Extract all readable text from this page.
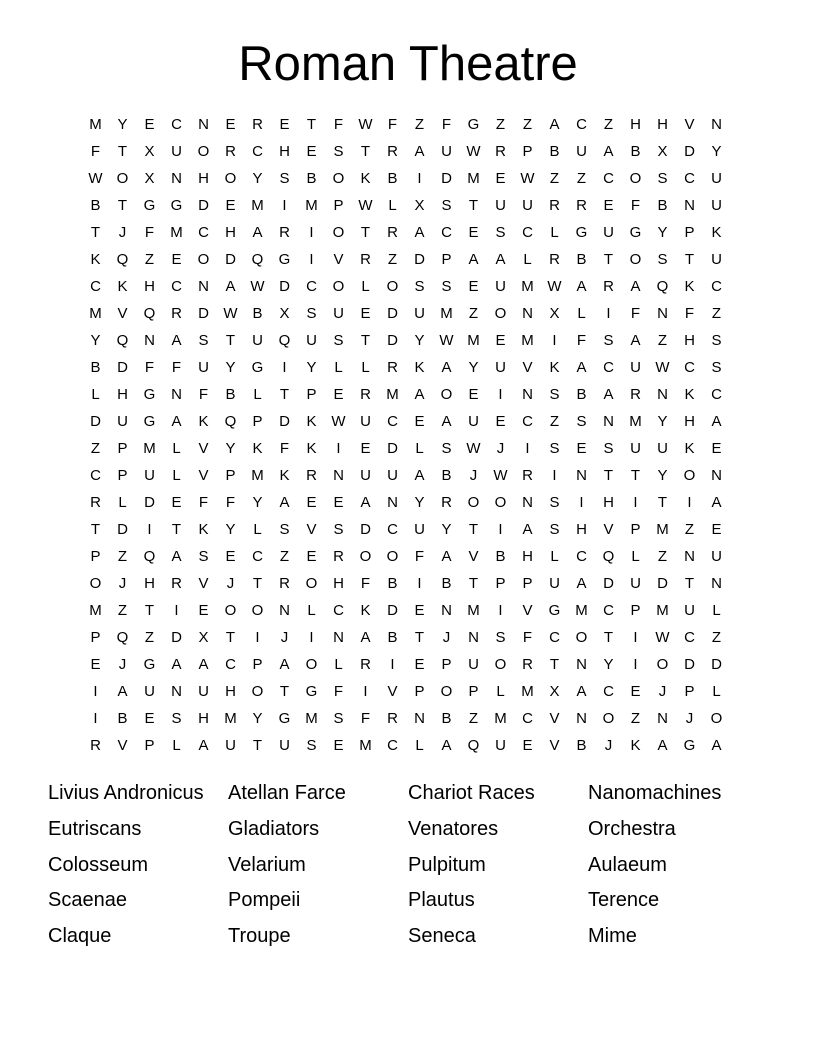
Roman Theatre
M	Y	E	C	N	E	R	E	T	F	W	F	Z	F	G	Z	Z	A	C	Z	H	H	V	N
F	T	X	U	O	R	C	H	E	S	T	R	A	U W R	P	B	U	A	B	X	D	Y
W O	X	N	H	O	Y	S	B	O	K	B	I	D	M	E W	Z	Z	C	O	S	C	U
B	T	G	G	D	E	M	I	M	P W	L	X	S	T	U	U	R	R	E	F	B	N	U
T	J	F	M	C	H	A	R	I	O	T	R	A	C	E	S	C	L	G	U	G	Y	P	K
K	Q	Z	E	O	D	Q	G	I	V	R	Z	D	P	A	A	L	R	B	T	O	S	T	U
C	K	H	C	N	A W D	C	O	L	O	S	S	E	U	M W A	R	A	Q	K	C
M	V	Q	R	D W B	X	S	U	E	D	U	M	Z	O	N	X	L	I	F	N	F	Z
Y	Q	N	A	S	T	U	Q	U	S	T	D	Y W M	E	M	I	F	S	A	Z	H	S
B	D	F	F	U	Y	G	I	Y	L	L	R	K	A	Y	U	V	K	A	C	U W C	S
L	H	G	N	F	B	L	T	P	E	R	M	A	O	E	I	N	S	B	A	R	N	K	C
D	U	G	A	K	Q	P	D	K W U	C	E	A	U	E	C	Z	S	N	M	Y	H	A
Z	P	M	L	V	Y	K	F	K	I	E	D	L	S W	J	I	S	E	S	U	U	K	E
C	P	U	L	V	P	M	K	R	N	U	U	A	B	J	W R	I	N	T	T	Y	O	N
R	L	D	E	F	F	Y	A	E	E	A	N	Y	R	O	O	N	S	I	H	I	T	I	A
T	D	I	T	K	Y	L	S	V	S	D	C	U	Y	T	I	A	S	H	V	P	M	Z	E
P	Z	Q	A	S	E	C	Z	E	R	O	O	F	A	V	B	H	L	C	Q	L	Z	N	U
O	J	H	R	V	J	T	R	O	H	F	B	I	B	T	P	P	U	A	D	U	D	T	N
M	Z	T	I	E	O	O	N	L	C	K	D	E	N	M	I	V	G M	C	P	M	U	L
P	Q	Z	D	X	T	I	J	I	N	A	B	T	J	N	S	F	C	O	T	I	W C	Z
E	J	G	A	A	C	P	A	O	L	R	I	E	P	U	O	R	T	N	Y	I	O	D	D
I	A	U	N	U	H	O	T	G	F	I	V	P	O	P	L	M	X	A	C	E	J	P	L
I	B	E	S	H	M	Y	G M	S	F	R	N	B	Z	M	C	V	N	O	Z	N	J	O
R	V	P	L	A	U	T	U	S	E	M	C	L	A	Q	U	E	V	B	J	K	A	G	A
Livius Andronicus	Atellan Farce	Chariot Races	Nanomachines
Eutriscans	Gladiators	Venatores	Orchestra
Colosseum	Velarium	Pulpitum	Aulaeum
Scaenae	Pompeii	Plautus	Terence
Claque	Troupe	Seneca	Mime
